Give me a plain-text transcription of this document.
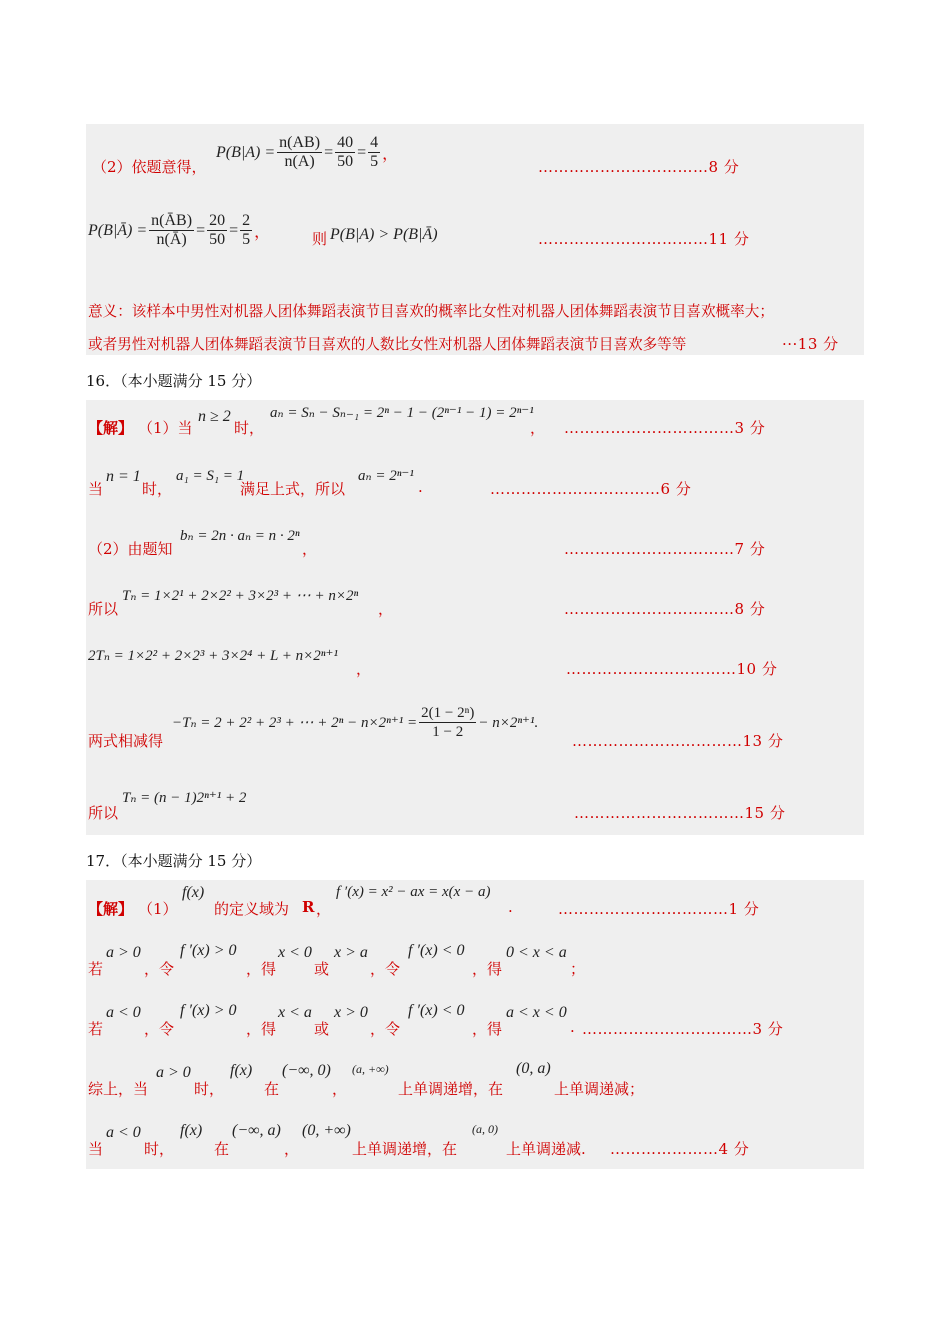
（2）依题意得，
$P(B|A) = \frac{n(AB)}{n(A)} = \frac{40}{50} = \frac{4}{5}$ ，
……………………………8 分
P(B|Ā) = $\frac{n(ĀB)}{n(Ā)} = \frac{20}{50} = \frac{2}{5}$ ，	则 P(B|A) > P(B|Ā)	……………………………11 分
意义：该样本中男性对机器人团体舞蹈表演节目喜欢的概率比女性对机器人团体舞蹈表演节目喜欢概率大；
或者男性对机器人团体舞蹈表演节目喜欢的人数比女性对机器人团体舞蹈表演节目喜欢多等等	···13 分
16．（本小题满分 15 分）
【解】 （1）当
n ≥ 2
时，
aₙ = Sₙ − Sₙ₋₁ = 2ⁿ − 1 − (2ⁿ⁻¹ − 1) = 2ⁿ⁻¹
， ……………………………3 分
当
n = 1
时，
a₁ = S₁ = 1
满足上式，所以
aₙ = 2ⁿ⁻¹
.	……………………………6 分
（2）由题知
bₙ = 2n · aₙ = n · 2ⁿ
，	……………………………7 分
所以
Tₙ = 1×2¹ + 2×2² + 3×2³ + ⋯ + n×2ⁿ
，	……………………………8 分
2Tₙ = 1×2² + 2×2³ + 3×2⁴ + L + n×2ⁿ⁺¹
，	……………………………10 分
两式相减得
−Tₙ = 2 + 2² + 2³ + ⋯ + $2^n - n\times 2^{n+1} = \frac{\text{2(1 − 2ⁿ)}}{1 - 2} - n\times 2^{n+1}$.
……………………………13 分
所以
Tₙ = (n − 1)2ⁿ⁺¹ + 2
……………………………15 分
17．（本小题满分 15 分）
【解】 （1）
f(x)
的定义域为 R ，
f ′(x) = x² − ax = x(x − a)
.	……………………………1 分
若
a > 0
，令
f ′(x) > 0
，得
x < 0
或
x > a
，令
f ′(x) < 0
，得
0 < x < a
；
若
a < 0
，令
f ′(x) > 0
，得
x < a
或
x > 0
，令
f ′(x) < 0
，得
a < x < 0
. ……………………………3 分
综上，当
a > 0
时，
f(x)
在
(−∞, 0)
，
(a, +∞)
上单调递增，在
(0, a)
上单调递减；
当
a < 0
时，
f(x)
在
(−∞, a)
，
(0, +∞)
上单调递增，在
(a, 0)
上单调递减. …………………4 分
